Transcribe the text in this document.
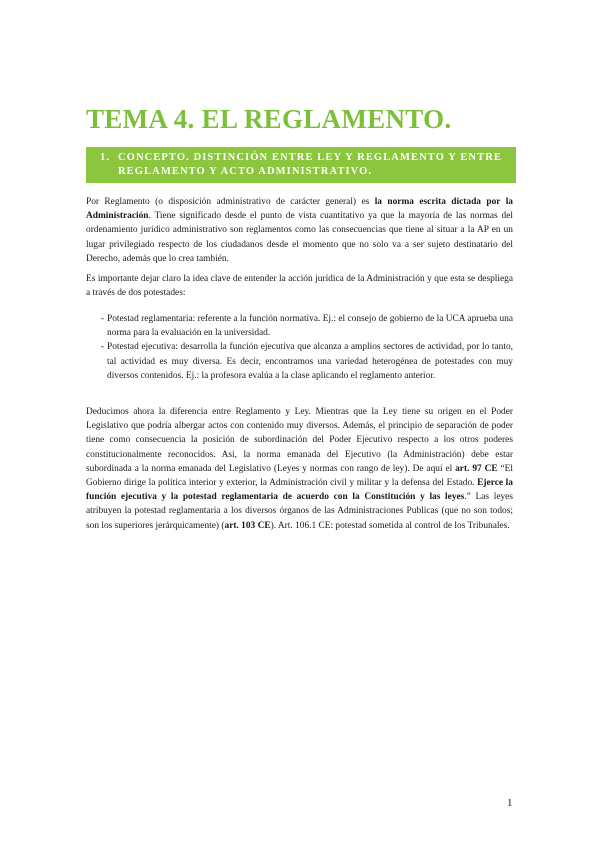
TEMA 4. EL REGLAMENTO.
1. CONCEPTO. DISTINCIÓN ENTRE LEY Y REGLAMENTO Y ENTRE
REGLAMENTO Y ACTO ADMINISTRATIVO.

Por Reglamento (o disposición administrativo de carácter general) es la norma escrita dictada por la Administración. Tiene significado desde el punto de vista cuantitativo ya que la mayoría de las normas del ordenamiento jurídico administrativo son reglamentos como las consecuencias que tiene al situar a la AP en un lugar privilegiado respecto de los ciudadanos desde el momento que no solo va a ser sujeto destinatario del Derecho, además que lo crea también.

Es importante dejar claro la idea clave de entender la acción jurídica de la Administración y que esta se despliega a través de dos potestades:

- Potestad reglamentaria: referente a la función normativa. Ej.: el consejo de gobierno de la UCA aprueba una norma para la evaluación en la universidad.
- Potestad ejecutiva: desarrolla la función ejecutiva que alcanza a amplios sectores de actividad, por lo tanto, tal actividad es muy diversa. Es decir, encontramos una variedad heterogénea de potestades con muy diversos contenidos. Ej.: la profesora evalúa a la clase aplicando el reglamento anterior.

Deducimos ahora la diferencia entre Reglamento y Ley. Mientras que la Ley tiene su origen en el Poder Legislativo que podría albergar actos con contenido muy diversos. Además, el principio de separación de poder tiene como consecuencia la posición de subordinación del Poder Ejecutivo respecto a los otros poderes constitucionalmente reconocidos. Así, la norma emanada del Ejecutivo (la Administración) debe estar subordinada a la norma emanada del Legislativo (Leyes y normas con rango de ley). De aquí el art. 97 CE “El Gobierno dirige la política interior y exterior, la Administración civil y militar y la defensa del Estado. Ejerce la función ejecutiva y la potestad reglamentaria de acuerdo con la Constitución y las leyes.” Las leyes atribuyen la potestad reglamentaria a los diversos órganos de las Administraciones Publicas (que no son todos; son los superiores jerárquicamente) (art. 103 CE). Art. 106.1 CE: potestad sometida al control de los Tribunales.

1
